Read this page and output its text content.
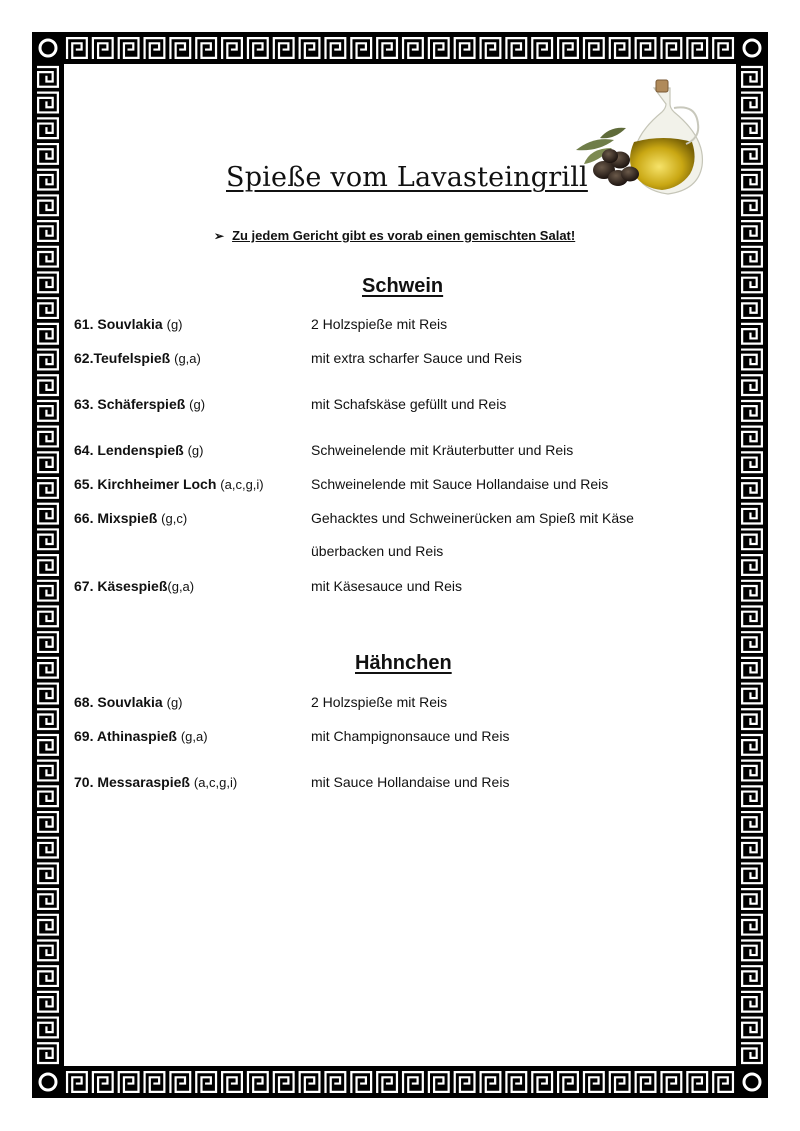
Spieße vom Lavasteingrill
➢ Zu jedem Gericht gibt es vorab einen gemischten Salat!
Schwein
61. Souvlakia (g)	2 Holzspieße mit Reis
62.Teufelspieß (g,a)	mit extra scharfer Sauce und Reis
63. Schäferspieß (g)	mit Schafskäse gefüllt und Reis
64. Lendenspieß (g)	Schweinelende mit Kräuterbutter und Reis
65. Kirchheimer Loch (a,c,g,i)	Schweinelende mit Sauce Hollandaise und Reis
66. Mixspieß (g,c)	Gehacktes und Schweinerücken am Spieß mit Käse überbacken und Reis
67. Käsespieß(g,a)	mit Käsesauce und Reis
Hähnchen
68. Souvlakia (g)	2 Holzspieße mit Reis
69. Athinaspieß (g,a)	mit Champignonsauce und Reis
70. Messaraspieß (a,c,g,i)	mit Sauce Hollandaise und Reis
